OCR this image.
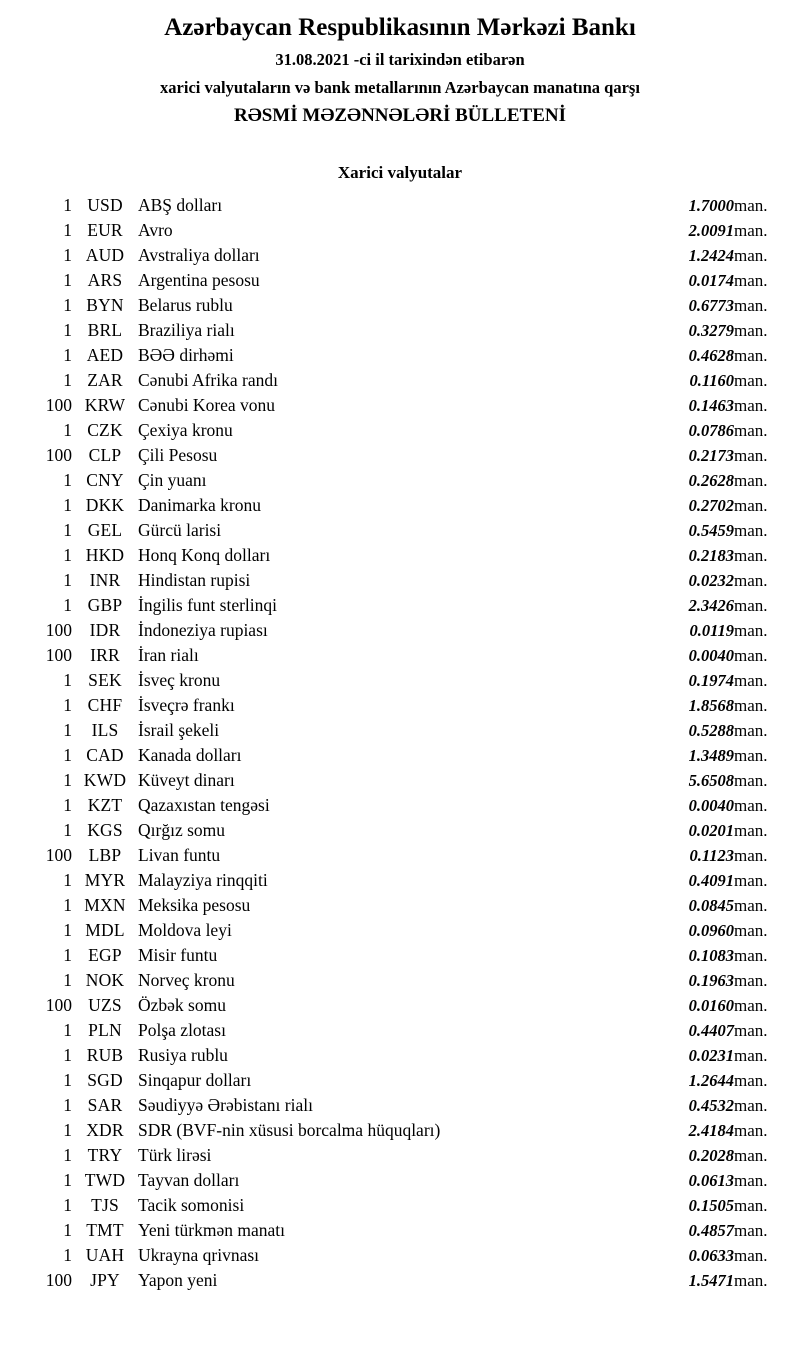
Azərbaycan Respublikasının Mərkəzi Bankı
31.08.2021 -ci il tarixindən etibarən
xarici valyutaların və bank metallarının Azərbaycan manatına qarşı
RƏSMİ MƏZƏNNƏLƏRİ BÜLLETENİ
Xarici valyutalar
1	USD	ABŞ dolları	1.7000	man.
1	EUR	Avro	2.0091	man.
1	AUD	Avstraliya dolları	1.2424	man.
1	ARS	Argentina pesosu	0.0174	man.
1	BYN	Belarus rublu	0.6773	man.
1	BRL	Braziliya rialı	0.3279	man.
1	AED	BƏƏ dirhəmi	0.4628	man.
1	ZAR	Cənubi Afrika randı	0.1160	man.
100	KRW	Cənubi Korea vonu	0.1463	man.
1	CZK	Çexiya kronu	0.0786	man.
100	CLP	Çili Pesosu	0.2173	man.
1	CNY	Çin yuanı	0.2628	man.
1	DKK	Danimarka kronu	0.2702	man.
1	GEL	Gürcü larisi	0.5459	man.
1	HKD	Honq Konq dolları	0.2183	man.
1	INR	Hindistan rupisi	0.0232	man.
1	GBP	İngilis funt sterlinqi	2.3426	man.
100	IDR	İndoneziya rupiası	0.0119	man.
100	IRR	İran rialı	0.0040	man.
1	SEK	İsveç kronu	0.1974	man.
1	CHF	İsveçrə frankı	1.8568	man.
1	ILS	İsrail şekeli	0.5288	man.
1	CAD	Kanada dolları	1.3489	man.
1	KWD	Küveyt dinarı	5.6508	man.
1	KZT	Qazaxıstan tengəsi	0.0040	man.
1	KGS	Qırğız somu	0.0201	man.
100	LBP	Livan funtu	0.1123	man.
1	MYR	Malayziya rinqqiti	0.4091	man.
1	MXN	Meksika pesosu	0.0845	man.
1	MDL	Moldova leyi	0.0960	man.
1	EGP	Misir funtu	0.1083	man.
1	NOK	Norveç kronu	0.1963	man.
100	UZS	Özbək somu	0.0160	man.
1	PLN	Polşa zlotası	0.4407	man.
1	RUB	Rusiya rublu	0.0231	man.
1	SGD	Sinqapur dolları	1.2644	man.
1	SAR	Səudiyyə Ərəbistanı rialı	0.4532	man.
1	XDR	SDR (BVF-nin xüsusi borcalma hüquqları)	2.4184	man.
1	TRY	Türk lirəsi	0.2028	man.
1	TWD	Tayvan dolları	0.0613	man.
1	TJS	Tacik somonisi	0.1505	man.
1	TMT	Yeni türkmən manatı	0.4857	man.
1	UAH	Ukrayna qrivnası	0.0633	man.
100	JPY	Yapon yeni	1.5471	man.
